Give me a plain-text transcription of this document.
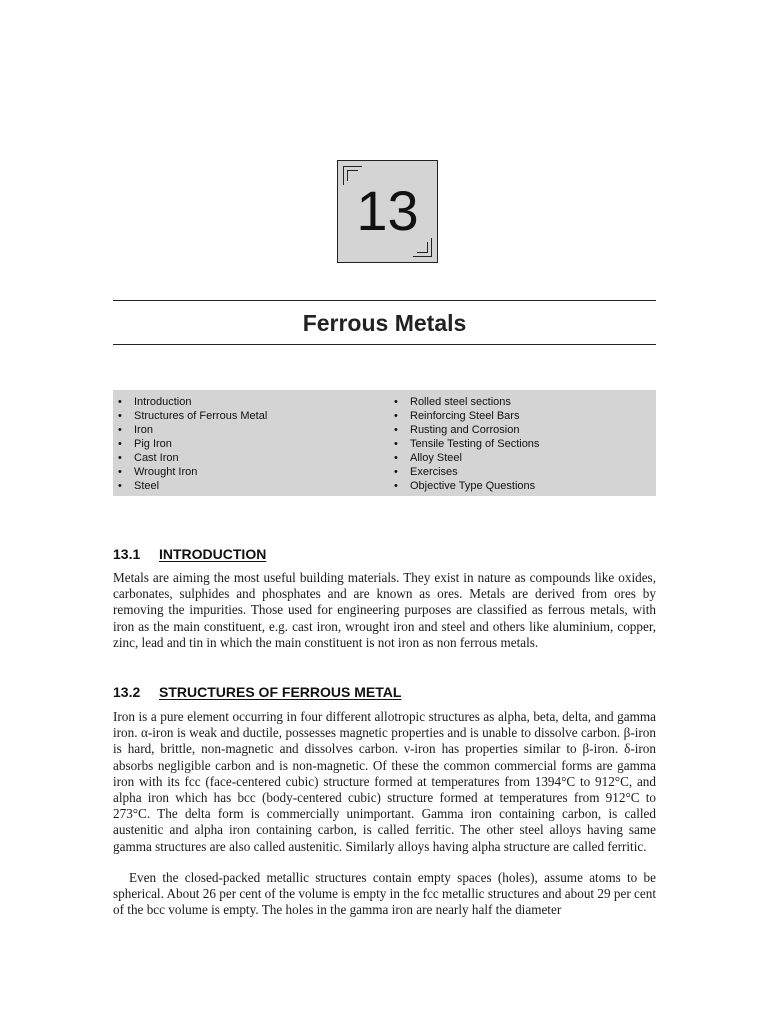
13
Ferrous Metals
• Introduction
• Structures of Ferrous Metal
• Iron
• Pig Iron
• Cast Iron
• Wrought Iron
• Steel
• Rolled steel sections
• Reinforcing Steel Bars
• Rusting and Corrosion
• Tensile Testing of Sections
• Alloy Steel
• Exercises
• Objective Type Questions
13.1 INTRODUCTION

Metals are aiming the most useful building materials. They exist in nature as compounds like oxides, carbonates, sulphides and phosphates and are known as ores. Metals are derived from ores by removing the impurities. Those used for engineering purposes are classified as ferrous metals, with iron as the main constituent, e.g. cast iron, wrought iron and steel and others like aluminium, copper, zinc, lead and tin in which the main constituent is not iron as non ferrous metals.

13.2 STRUCTURES OF FERROUS METAL

Iron is a pure element occurring in four different allotropic structures as alpha, beta, delta, and gamma iron. α-iron is weak and ductile, possesses magnetic properties and is unable to dissolve carbon. β-iron is hard, brittle, non-magnetic and dissolves carbon. ν-iron has properties similar to β-iron. δ-iron absorbs negligible carbon and is non-magnetic. Of these the common commercial forms are gamma iron with its fcc (face-centered cubic) structure formed at temperatures from 1394°C to 912°C, and alpha iron which has bcc (body-centered cubic) structure formed at temperatures from 912°C to 273°C. The delta form is commercially unimportant. Gamma iron containing carbon, is called austenitic and alpha iron containing carbon, is called ferritic. The other steel alloys having same gamma structures are also called austenitic. Similarly alloys having alpha structure are called ferritic.

Even the closed-packed metallic structures contain empty spaces (holes), assume atoms to be spherical. About 26 per cent of the volume is empty in the fcc metallic structures and about 29 per cent of the bcc volume is empty. The holes in the gamma iron are nearly half the diameter
